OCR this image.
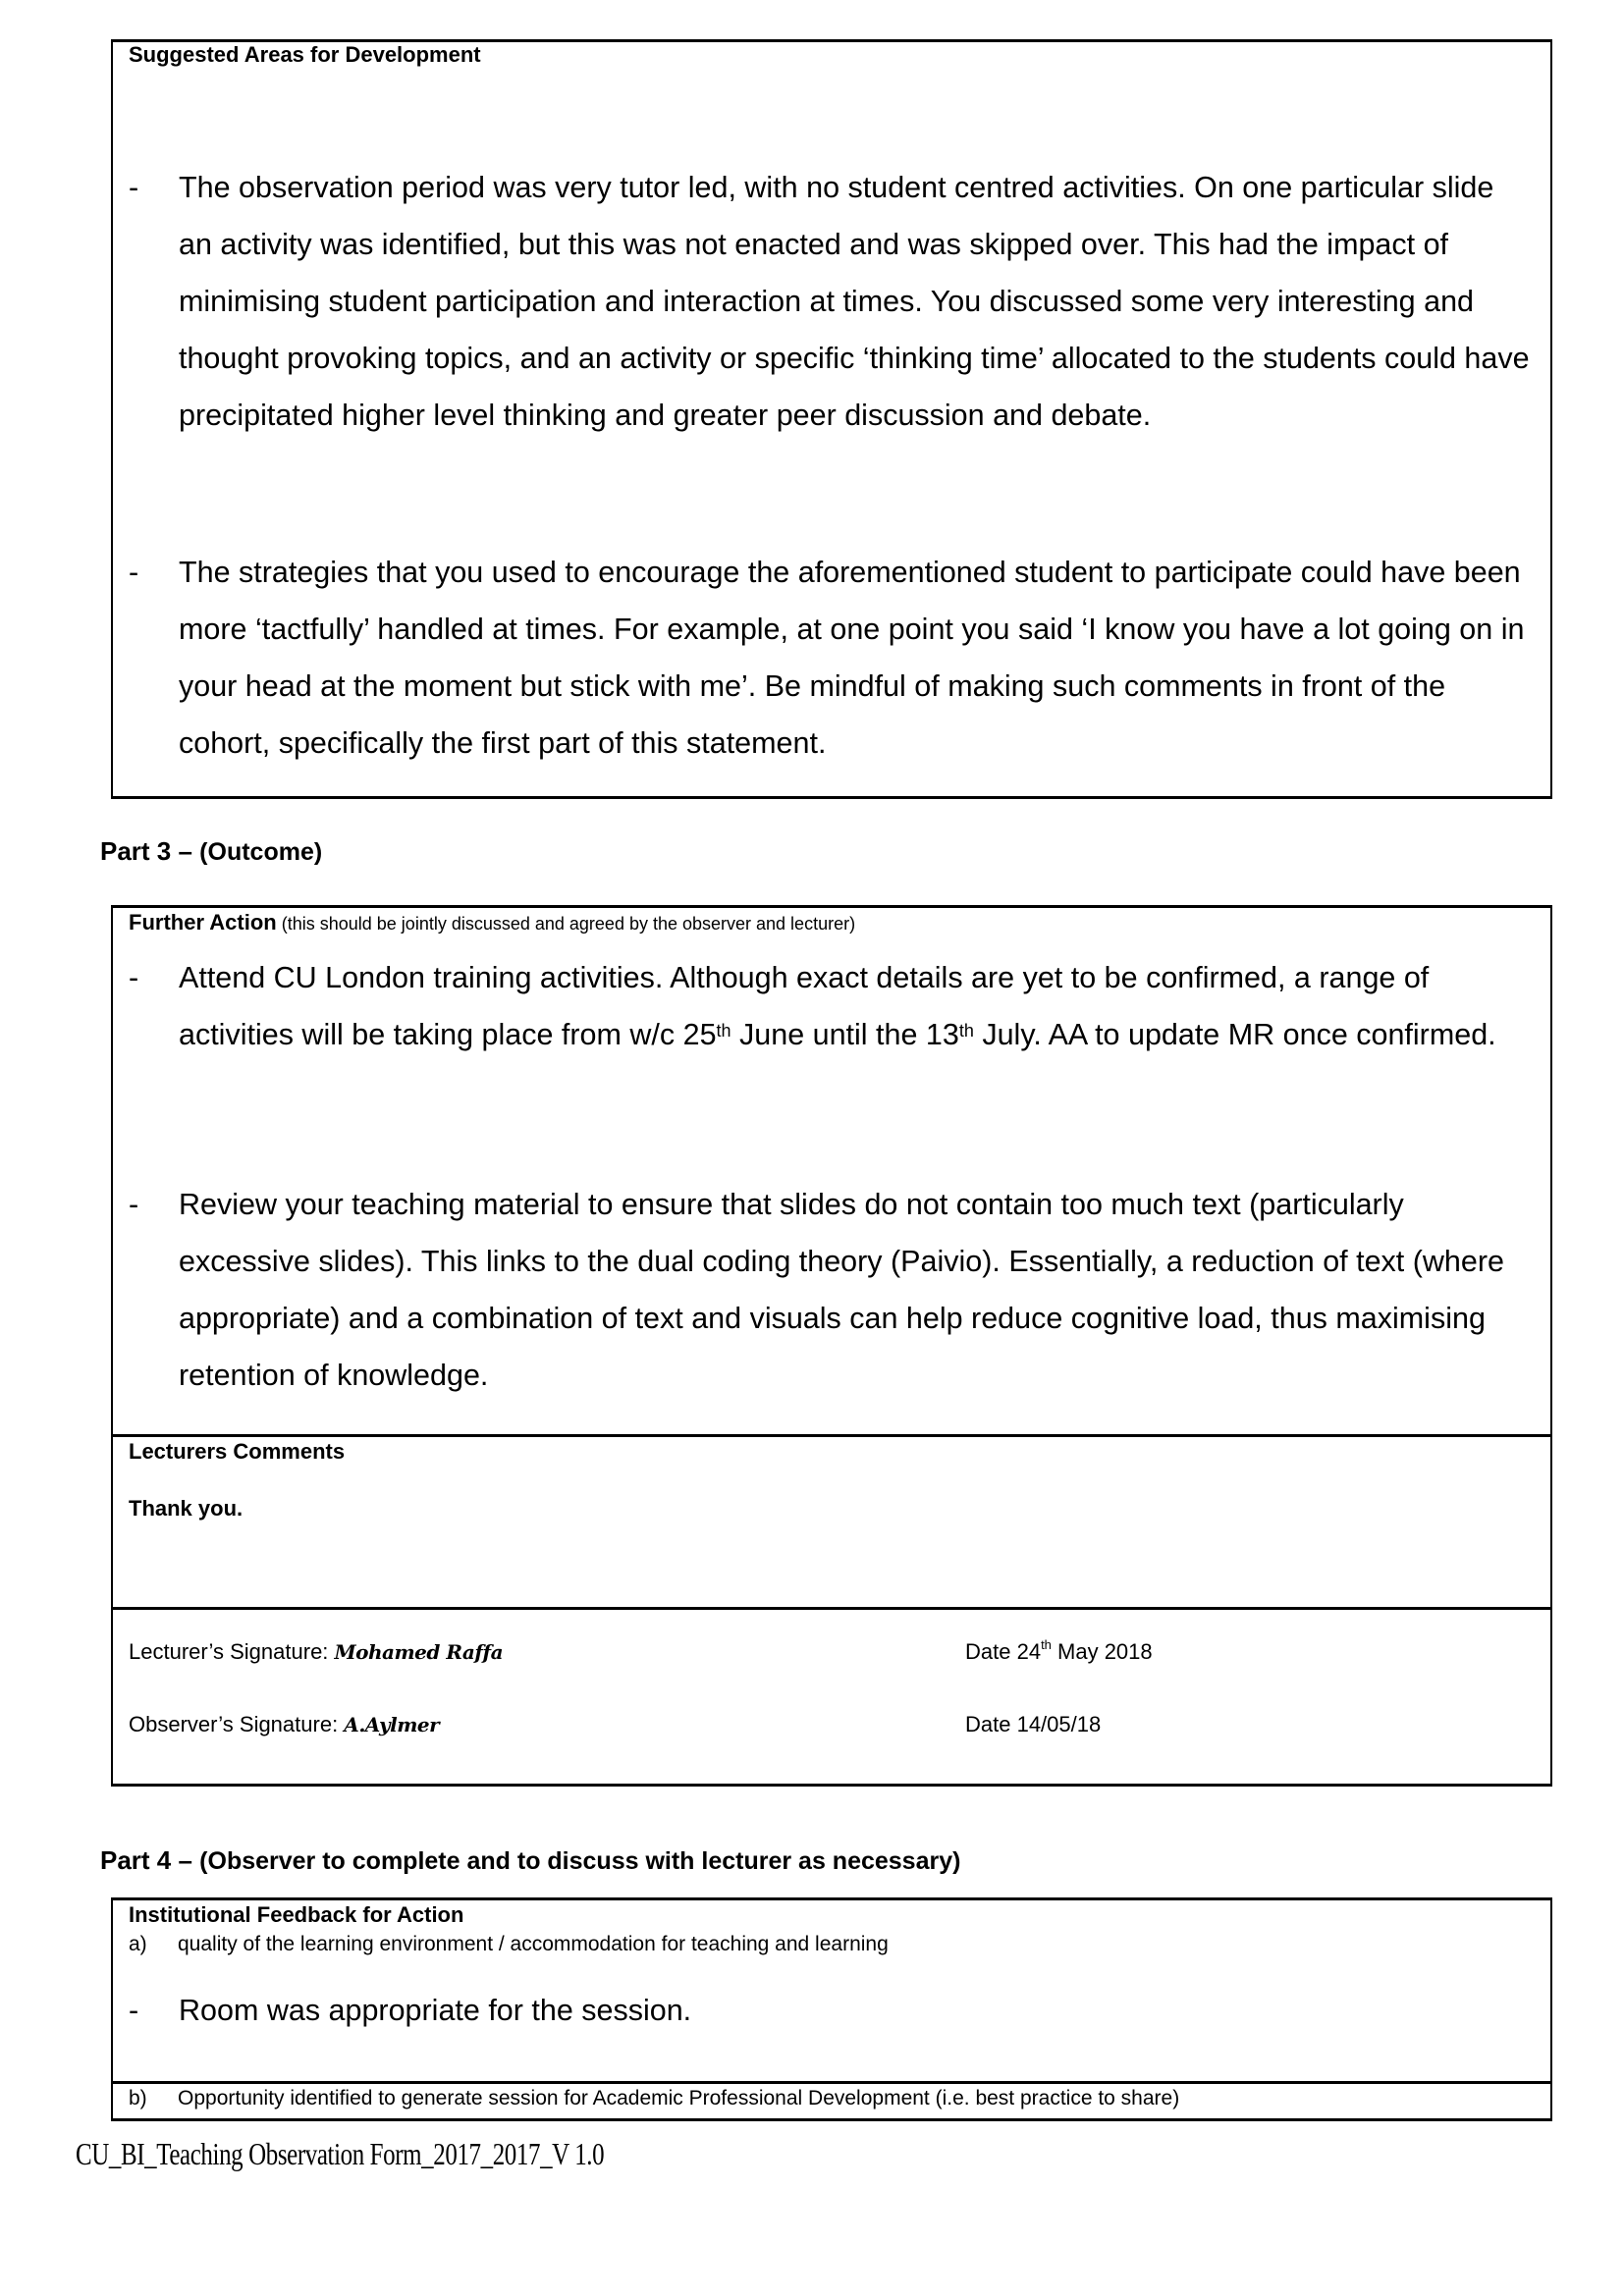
Suggested Areas for Development
- The observation period was very tutor led, with no student centred activities. On one particular slide an activity was identified, but this was not enacted and was skipped over. This had the impact of minimising student participation and interaction at times. You discussed some very interesting and thought provoking topics, and an activity or specific ‘thinking time’ allocated to the students could have precipitated higher level thinking and greater peer discussion and debate.
- The strategies that you used to encourage the aforementioned student to participate could have been more ‘tactfully’ handled at times. For example, at one point you said ‘I know you have a lot going on in your head at the moment but stick with me’. Be mindful of making such comments in front of the cohort, specifically the first part of this statement.
Part 3 – (Outcome)
Further Action (this should be jointly discussed and agreed by the observer and lecturer)
- Attend CU London training activities. Although exact details are yet to be confirmed, a range of activities will be taking place from w/c 25th June until the 13th July. AA to update MR once confirmed.
- Review your teaching material to ensure that slides do not contain too much text (particularly excessive slides). This links to the dual coding theory (Paivio). Essentially, a reduction of text (where appropriate) and a combination of text and visuals can help reduce cognitive load, thus maximising retention of knowledge.
Lecturers Comments
Thank you.
Lecturer’s Signature: Mohamed Raffa	Date 24th May 2018
Observer’s Signature: A.Aylmer	Date 14/05/18
Part 4 – (Observer to complete and to discuss with lecturer as necessary)
Institutional Feedback for Action
a) quality of the learning environment / accommodation for teaching and learning
- Room was appropriate for the session.
b) Opportunity identified to generate session for Academic Professional Development (i.e. best practice to share)
CU_BI_Teaching Observation Form_2017_2017_V 1.0
